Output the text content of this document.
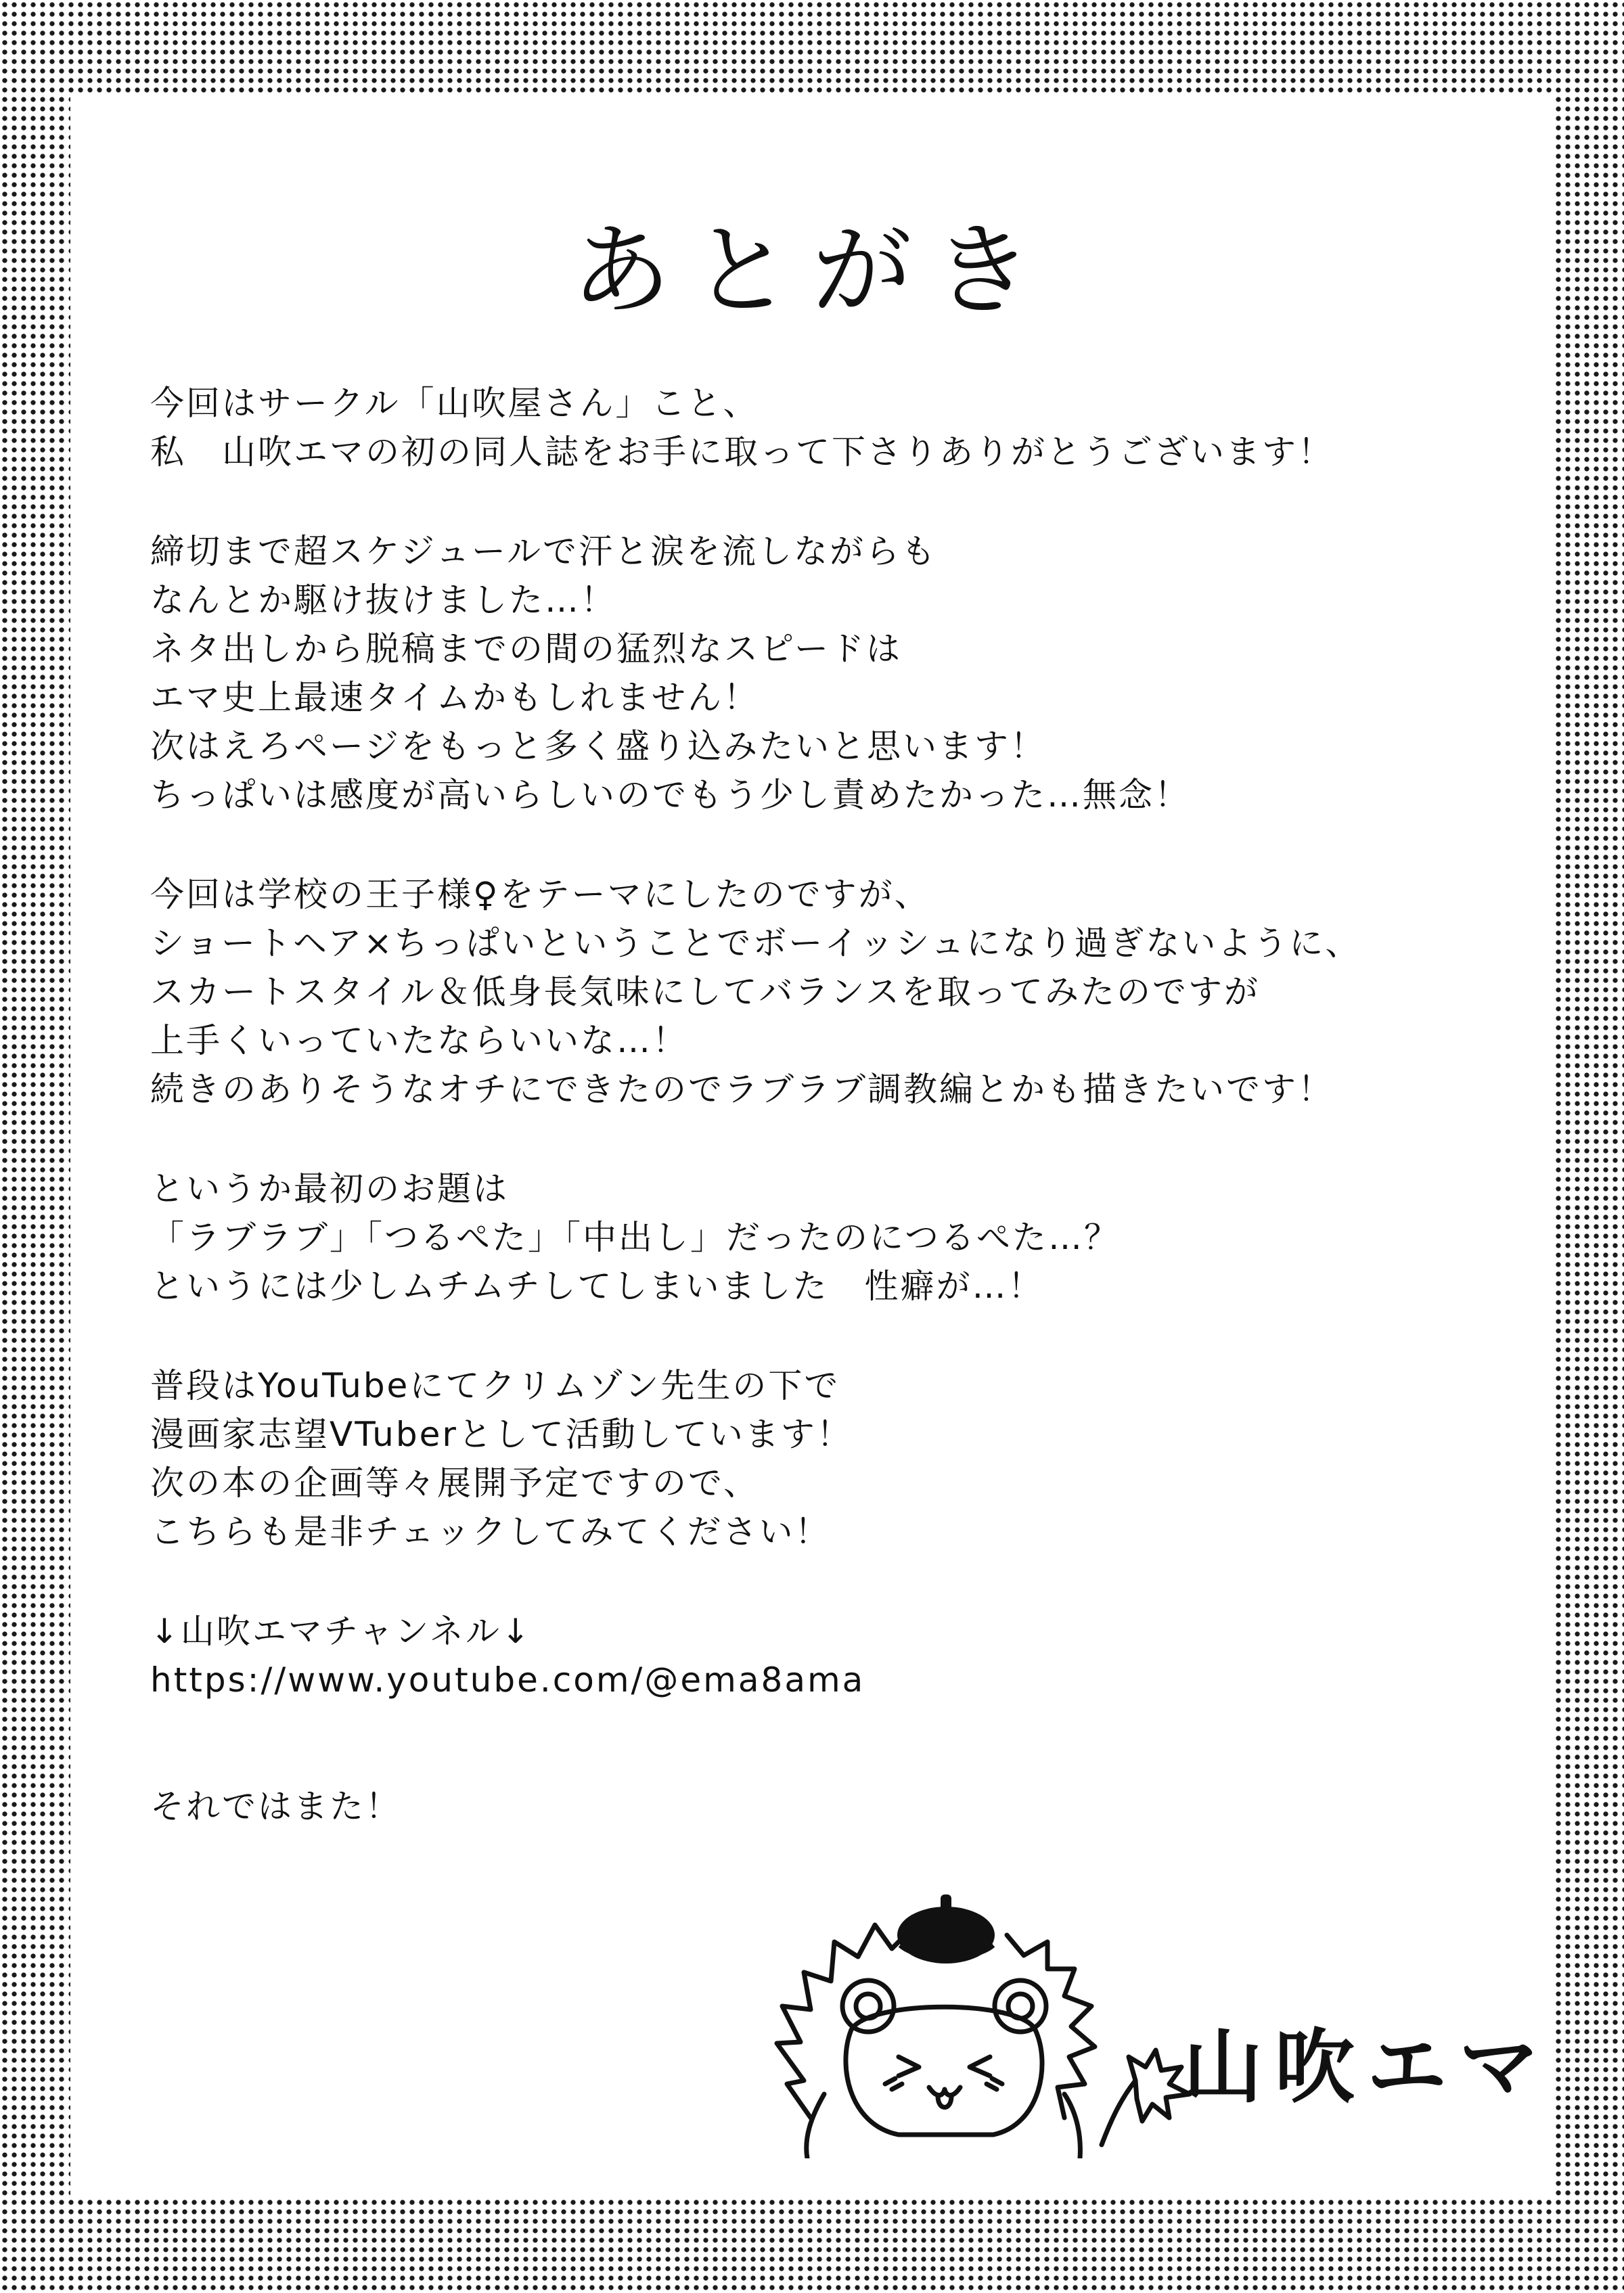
あとがき
今回はサークル「山吹屋さん」こと、
私　山吹エマの初の同人誌をお手に取って下さりありがとうございます！
締切まで超スケジュールで汗と涙を流しながらも
なんとか駆け抜けました…！
ネタ出しから脱稿までの間の猛烈なスピードは
エマ史上最速タイムかもしれません！
次はえろページをもっと多く盛り込みたいと思います！
ちっぱいは感度が高いらしいのでもう少し責めたかった…無念！
今回は学校の王子様♀をテーマにしたのですが、
ショートヘア×ちっぱいということでボーイッシュになり過ぎないように、
スカートスタイル＆低身長気味にしてバランスを取ってみたのですが
上手くいっていたならいいな…！
続きのありそうなオチにできたのでラブラブ調教編とかも描きたいです！
というか最初のお題は
「ラブラブ」「つるぺた」「中出し」だったのにつるぺた…？
というには少しムチムチしてしまいました　性癖が…！
普段はYouTubeにてクリムゾン先生の下で
漫画家志望VTuberとして活動しています！
次の本の企画等々展開予定ですので、
こちらも是非チェックしてみてください！
↓山吹エマチャンネル↓
https://www.youtube.com/@ema8ama
それではまた！
山吹エマ
